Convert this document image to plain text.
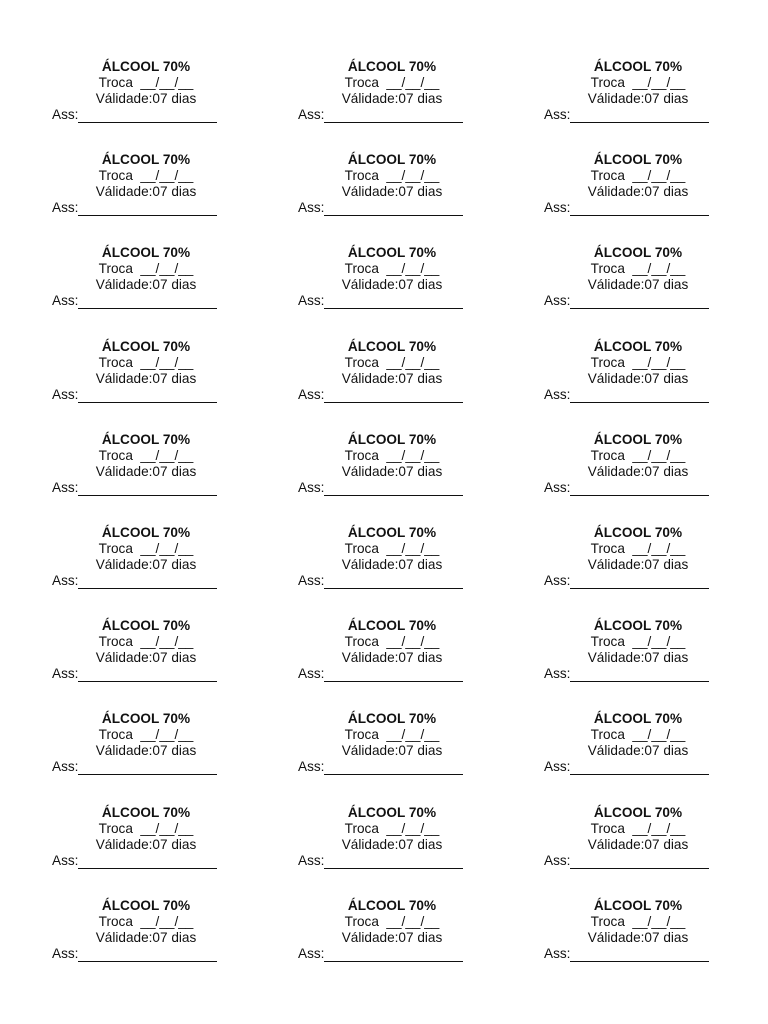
ÁLCOOL 70%
Troca  __/__/__
Válidade:07 dias
Ass:
ÁLCOOL 70%
Troca  __/__/__
Válidade:07 dias
Ass:
ÁLCOOL 70%
Troca  __/__/__
Válidade:07 dias
Ass:
ÁLCOOL 70%
Troca  __/__/__
Válidade:07 dias
Ass:
ÁLCOOL 70%
Troca  __/__/__
Válidade:07 dias
Ass:
ÁLCOOL 70%
Troca  __/__/__
Válidade:07 dias
Ass:
ÁLCOOL 70%
Troca  __/__/__
Válidade:07 dias
Ass:
ÁLCOOL 70%
Troca  __/__/__
Válidade:07 dias
Ass:
ÁLCOOL 70%
Troca  __/__/__
Válidade:07 dias
Ass:
ÁLCOOL 70%
Troca  __/__/__
Válidade:07 dias
Ass:
ÁLCOOL 70%
Troca  __/__/__
Válidade:07 dias
Ass:
ÁLCOOL 70%
Troca  __/__/__
Válidade:07 dias
Ass:
ÁLCOOL 70%
Troca  __/__/__
Válidade:07 dias
Ass:
ÁLCOOL 70%
Troca  __/__/__
Válidade:07 dias
Ass:
ÁLCOOL 70%
Troca  __/__/__
Válidade:07 dias
Ass:
ÁLCOOL 70%
Troca  __/__/__
Válidade:07 dias
Ass:
ÁLCOOL 70%
Troca  __/__/__
Válidade:07 dias
Ass:
ÁLCOOL 70%
Troca  __/__/__
Válidade:07 dias
Ass:
ÁLCOOL 70%
Troca  __/__/__
Válidade:07 dias
Ass:
ÁLCOOL 70%
Troca  __/__/__
Válidade:07 dias
Ass:
ÁLCOOL 70%
Troca  __/__/__
Válidade:07 dias
Ass:
ÁLCOOL 70%
Troca  __/__/__
Válidade:07 dias
Ass:
ÁLCOOL 70%
Troca  __/__/__
Válidade:07 dias
Ass:
ÁLCOOL 70%
Troca  __/__/__
Válidade:07 dias
Ass:
ÁLCOOL 70%
Troca  __/__/__
Válidade:07 dias
Ass:
ÁLCOOL 70%
Troca  __/__/__
Válidade:07 dias
Ass:
ÁLCOOL 70%
Troca  __/__/__
Válidade:07 dias
Ass:
ÁLCOOL 70%
Troca  __/__/__
Válidade:07 dias
Ass:
ÁLCOOL 70%
Troca  __/__/__
Válidade:07 dias
Ass:
ÁLCOOL 70%
Troca  __/__/__
Válidade:07 dias
Ass:
